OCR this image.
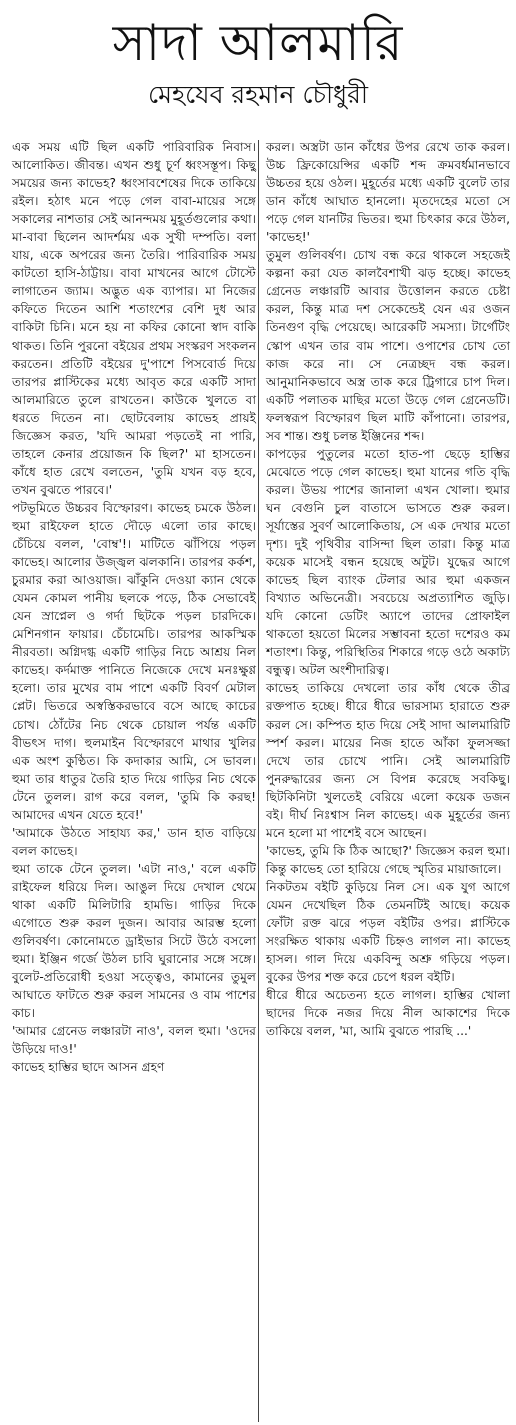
সাদা আলমারি
মেহযেব রহমান চৌধুরী

এক সময় এটি ছিল একটি পারিবারিক নিবাস। আলোকিত। জীবন্ত। এখন শুধু চূর্ণ ধ্বংসস্তূপ। কিছু সময়ের জন্য কাভেহ? ধ্বংসাবশেষের দিকে তাকিয়ে রইল। হঠাৎ মনে পড়ে গেল বাবা-মায়ের সঙ্গে সকালের নাশতার সেই আনন্দময় মুহূর্তগুলোর কথা। মা-বাবা ছিলেন আদর্শময় এক সুখী দম্পতি। বলা যায়, একে অপরের জন্য তৈরি। পারিবারিক সময় কাটতো হাসি-ঠাট্টায়। বাবা মাখনের আগে টোস্টে লাগাতেন জ্যাম। অদ্ভুত এক ব্যাপার। মা নিজের কফিতে দিতেন আশি শতাংশের বেশি দুধ আর বাকিটা চিনি। মনে হয় না কফির কোনো স্বাদ বাকি থাকত। তিনি পুরনো বইয়ের প্রথম সংস্করণ সংকলন করতেন। প্রতিটি বইয়ের দু'পাশে পিসবোর্ড দিয়ে তারপর প্লাস্টিকের মধ্যে আবৃত করে একটি সাদা আলমারিতে তুলে রাখতেন। কাউকে খুলতে বা ধরতে দিতেন না। ছোটবেলায় কাভেহ প্রায়ই জিজ্ঞেস করত, 'যদি আমরা পড়তেই না পারি, তাহলে কেনার প্রয়োজন কি ছিল?' মা হাসতেন। কাঁধে হাত রেখে বলতেন, 'তুমি যখন বড় হবে, তখন বুঝতে পারবে।'

পটভূমিতে উচ্চরব বিস্ফোরণ। কাভেহ চমকে উঠল। হুমা রাইফেল হাতে দৌড়ে এলো তার কাছে। চেঁচিয়ে বলল, 'বোম্ব'!। মাটিতে ঝাঁপিয়ে পড়ল কাভেহ। আলোর উজ্জ্বল ঝলকানি। তারপর কর্কশ, চুরমার করা আওয়াজ। ঝাঁকুনি দেওয়া ক্যান থেকে যেমন কোমল পানীয় ছলকে পড়ে, ঠিক সেভাবেই যেন স্রাপ্নেল ও গর্দা ছিটকে পড়ল চারদিকে। মেশিনগান ফায়ার। চেঁচামেচি। তারপর আকস্মিক নীরবতা। অগ্নিদগ্ধ একটি গাড়ির নিচে আশ্রয় নিল কাভেহ। কর্দমাক্ত পানিতে নিজেকে দেখে মনঃক্ষুণ্ণ হলো। তার মুখের বাম পাশে একটি বিবর্ণ মেটাল প্লেট। ভিতরে অস্বস্তিকরভাবে বসে আছে কাচের চোখ। ঠোঁটের নিচ থেকে চোয়াল পর্যন্ত একটি বীভৎস দাগ। হুলমাইন বিস্ফোরণে মাথার খুলির এক অংশ কুণ্ঠিত। কি কদাকার আমি, সে ভাবল। হুমা তার ধাতুর তৈরি হাত দিয়ে গাড়ির নিচ থেকে টেনে তুলল। রাগ করে বলল, 'তুমি কি করছ! আমাদের এখন যেতে হবে!'

'আমাকে উঠতে সাহায্য কর,' ডান হাত বাড়িয়ে বলল কাভেহ।

হুমা তাকে টেনে তুলল। 'এটা নাও,' বলে একটি রাইফেল ধরিয়ে দিল। আঙুল দিয়ে দেখাল থেমে থাকা একটি মিলিটারি হামভি। গাড়ির দিকে এগোতে শুরু করল দুজন। আবার আরম্ভ হলো গুলিবর্ষণ। কোনোমতে ড্রাইভার সিটে উঠে বসলো হুমা। ইঞ্জিন গর্জে উঠল চাবি ঘুরানোর সঙ্গে সঙ্গে। বুলেট-প্রতিরোধী হওয়া সত্ত্বেও, কামানের তুমুল আঘাতে ফাটতে শুরু করল সামনের ও বাম পাশের কাচ।

'আমার গ্রেনেড লঞ্চারটা নাও', বলল হুমা। 'ওদের উড়িয়ে দাও!'

কাভেহ হাম্ভির ছাদে আসন গ্রহণ

করল। অস্ত্রটা ডান কাঁধের উপর রেখে তাক করল। উচ্চ ফ্রিকোয়েন্সির একটি শব্দ ক্রমবর্ধমানভাবে উচ্চতর হয়ে ওঠল। মুহূর্তের মধ্যে একটি বুলেট তার ডান কাঁধে আঘাত হানলো। মৃতদেহের মতো সে পড়ে গেল যানটির ভিতর। হুমা চিৎকার করে উঠল, 'কাভেহ!'

তুমুল গুলিবর্ষণ। চোখ বন্ধ করে থাকলে সহজেই কল্পনা করা যেত কালবৈশাখী ঝড় হচ্ছে। কাভেহ গ্রেনেড লঞ্চারটি আবার উত্তোলন করতে চেষ্টা করল, কিন্তু মাত্র দশ সেকেন্ডেই যেন এর ওজন তিনগুণ বৃদ্ধি পেয়েছে। আরেকটি সমস্যা। টার্গেটিং স্কোপ এখন তার বাম পাশে। ওপাশের চোখ তো কাজ করে না। সে নেত্রচ্ছদ বন্ধ করল। আনুমানিকভাবে অস্ত্র তাক করে ট্রিগারে চাপ দিল। একটি পলাতক মাছির মতো উড়ে গেল গ্রেনেডটি। ফলস্বরূপ বিস্ফোরণ ছিল মাটি কাঁপানো। তারপর, সব শান্ত। শুধু চলন্ত ইঞ্জিনের শব্দ।

কাপড়ের পুতুলের মতো হাত-পা ছেড়ে হাম্ভির মেঝেতে পড়ে গেল কাভেহ। হুমা যানের গতি বৃদ্ধি করল। উভয় পাশের জানালা এখন খোলা। হুমার ঘন বেগুনি চুল বাতাসে ভাসতে শুরু করল। সূর্যাস্তের সুবর্ণ আলোকিতায়, সে এক দেখার মতো দৃশ্য। দুই পৃথিবীর বাসিন্দা ছিল তারা। কিন্তু মাত্র কয়েক মাসেই বন্ধন হয়েছে অটুট। যুদ্ধের আগে কাভেহ ছিল ব্যাংক টেলার আর হুমা একজন বিখ্যাত অভিনেত্রী। সবচেয়ে অপ্রত্যাশিত জুড়ি। যদি কোনো ডেটিং অ্যাপে তাদের প্রোফাইল থাকতো হয়তো মিলের সম্ভাবনা হতো দশেরও কম শতাংশ। কিন্তু, পরিস্থিতির শিকারে গড়ে ওঠে অকাট্য বন্ধুত্ব। অটল অংশীদারিত্ব।

কাভেহ তাকিয়ে দেখলো তার কাঁধ থেকে তীব্র রক্তপাত হচ্ছে। ধীরে ধীরে ভারসাম্য হারাতে শুরু করল সে। কম্পিত হাত দিয়ে সেই সাদা আলমারিটি স্পর্শ করল। মায়ের নিজ হাতে আঁকা ফুলসজ্জা দেখে তার চোখে পানি। সেই আলমারিটি পুনরুদ্ধারের জন্য সে বিপন্ন করেছে সবকিছু। ছিটকিনিটা খুলতেই বেরিয়ে এলো কয়েক ডজন বই। দীর্ঘ নিঃশ্বাস নিল কাভেহ। এক মুহূর্তের জন্য মনে হলো মা পাশেই বসে আছেন।

'কাভেহ, তুমি কি ঠিক আছো?' জিজ্ঞেস করল হুমা। কিন্তু কাভেহ তো হারিয়ে গেছে স্মৃতির মায়াজালে।

নিকটতম বইটি কুড়িয়ে নিল সে। এক যুগ আগে যেমন দেখেছিল ঠিক তেমনটিই আছে। কয়েক ফোঁটা রক্ত ঝরে পড়ল বইটির ওপর। প্লাস্টিকে সংরক্ষিত থাকায় একটি চিহ্নও লাগল না। কাভেহ হাসল। গাল দিয়ে একবিন্দু অশ্রু গড়িয়ে পড়ল। বুকের উপর শক্ত করে চেপে ধরল বইটি।

ধীরে ধীরে অচেতন্য হতে লাগল। হাম্ভির খোলা ছাদের দিকে নজর দিয়ে নীল আকাশের দিকে তাকিয়ে বলল, 'মা, আমি বুঝতে পারছি ...'
